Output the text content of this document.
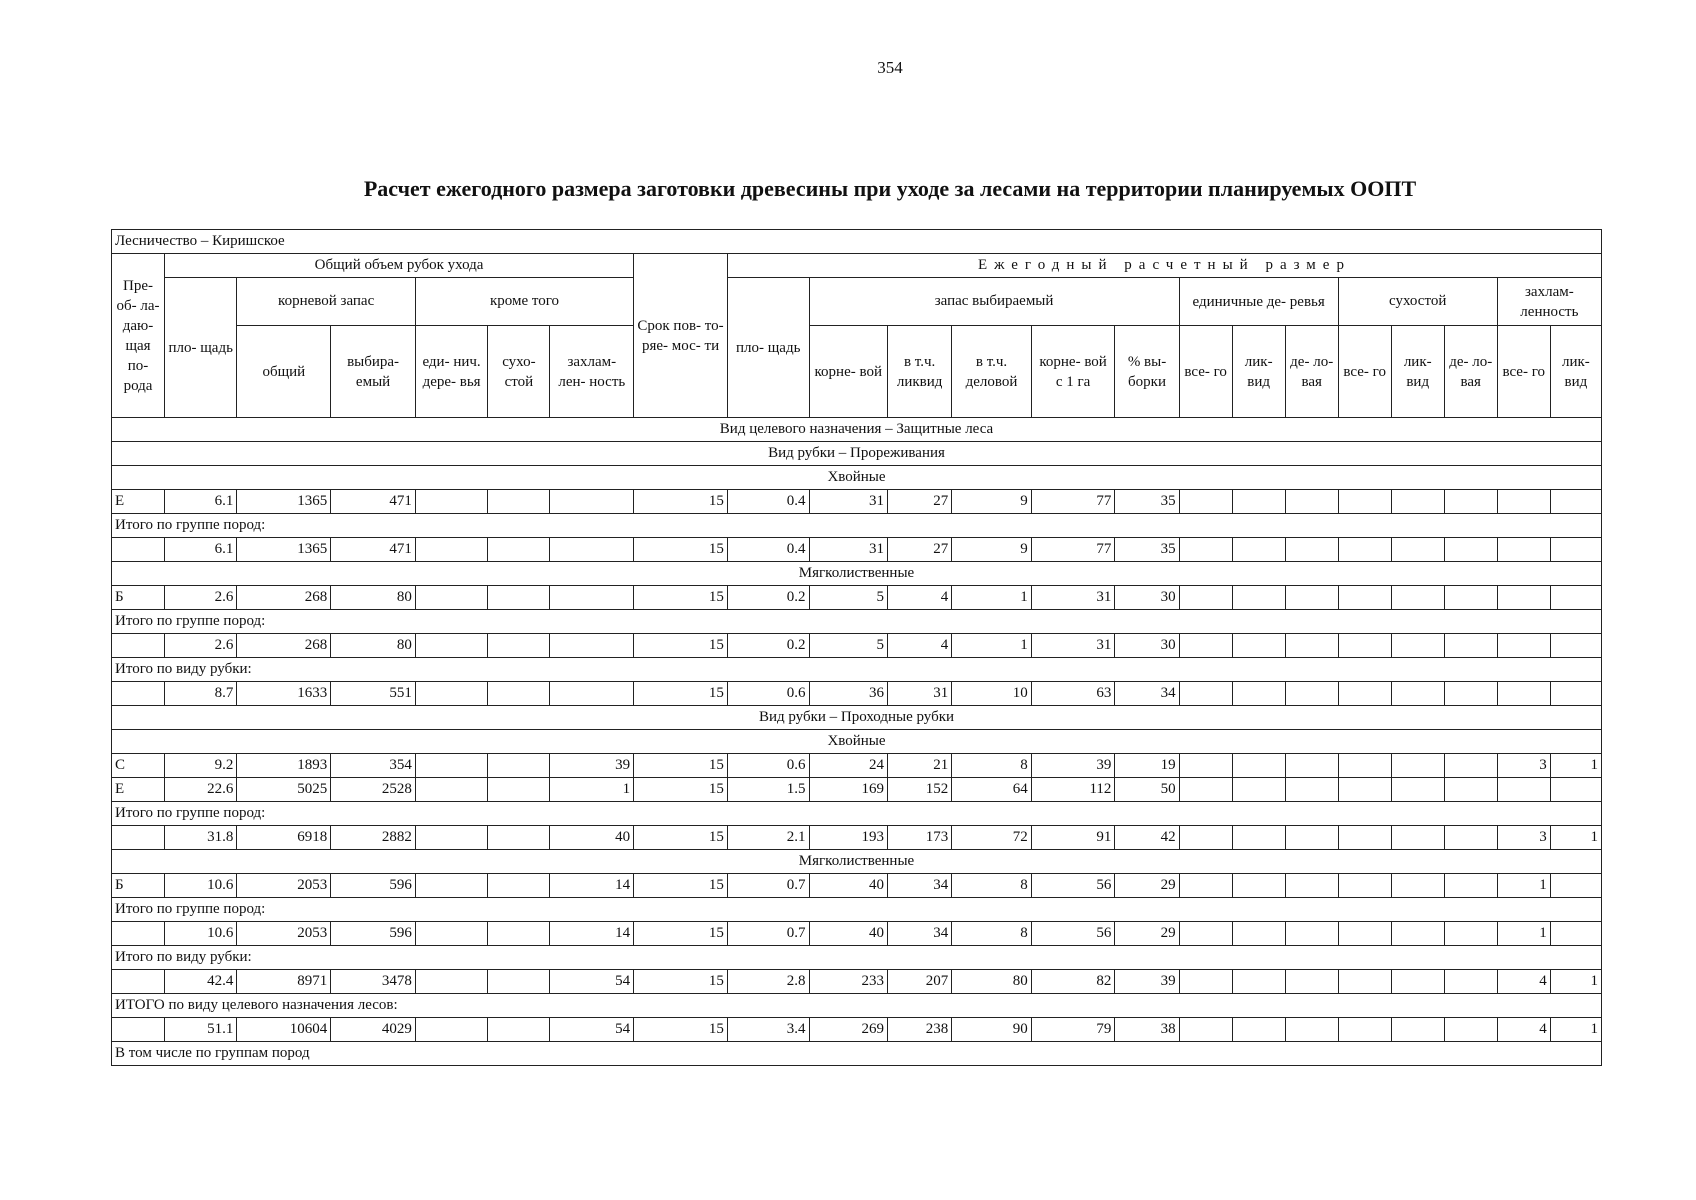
354
Расчет ежегодного размера заготовки древесины при уходе за лесами на территории планируемых ООПТ
Лесничество – Киришское																					
Пре- об- ла- даю- щая по- рода	Общий объем рубок ухода						Срок пов- то- ряе- мос- ти	Ежегодный расчетный размер													
	пло- щадь	корневой запас		кроме того				пло- щадь	запас выбираемый					единичные де- ревья			сухостой			захлам- ленность	
		общий	выбира- емый	еди- нич. дере- вья	сухо- стой	захлам- лен- ность			корне- вой	в т.ч. ликвид	в т.ч. деловой	корне- вой с 1 га	% вы- борки	все- го	лик- вид	де- ло- вая	все- го	лик- вид	де- ло- вая	все- го	лик- вид
Вид целевого назначения – Защитные леса																					
Вид рубки – Прореживания																					
Хвойные																					
Е	6.1	1365	471				15	0.4	31	27	9	77	35								
Итого по группе пород:																					
	6.1	1365	471				15	0.4	31	27	9	77	35								
Мягколиственные																					
Б	2.6	268	80				15	0.2	5	4	1	31	30								
Итого по группе пород:																					
	2.6	268	80				15	0.2	5	4	1	31	30								
Итого по виду рубки:																					
	8.7	1633	551				15	0.6	36	31	10	63	34								
Вид рубки – Проходные рубки																					
Хвойные																					
С	9.2	1893	354			39	15	0.6	24	21	8	39	19							3	1
Е	22.6	5025	2528			1	15	1.5	169	152	64	112	50								
Итого по группе пород:																					
	31.8	6918	2882			40	15	2.1	193	173	72	91	42							3	1
Мягколиственные																					
Б	10.6	2053	596			14	15	0.7	40	34	8	56	29							1	
Итого по группе пород:																					
	10.6	2053	596			14	15	0.7	40	34	8	56	29							1	
Итого по виду рубки:																					
	42.4	8971	3478			54	15	2.8	233	207	80	82	39							4	1
ИТОГО по виду целевого назначения лесов:																					
	51.1	10604	4029			54	15	3.4	269	238	90	79	38							4	1
В том числе по группам пород																					
